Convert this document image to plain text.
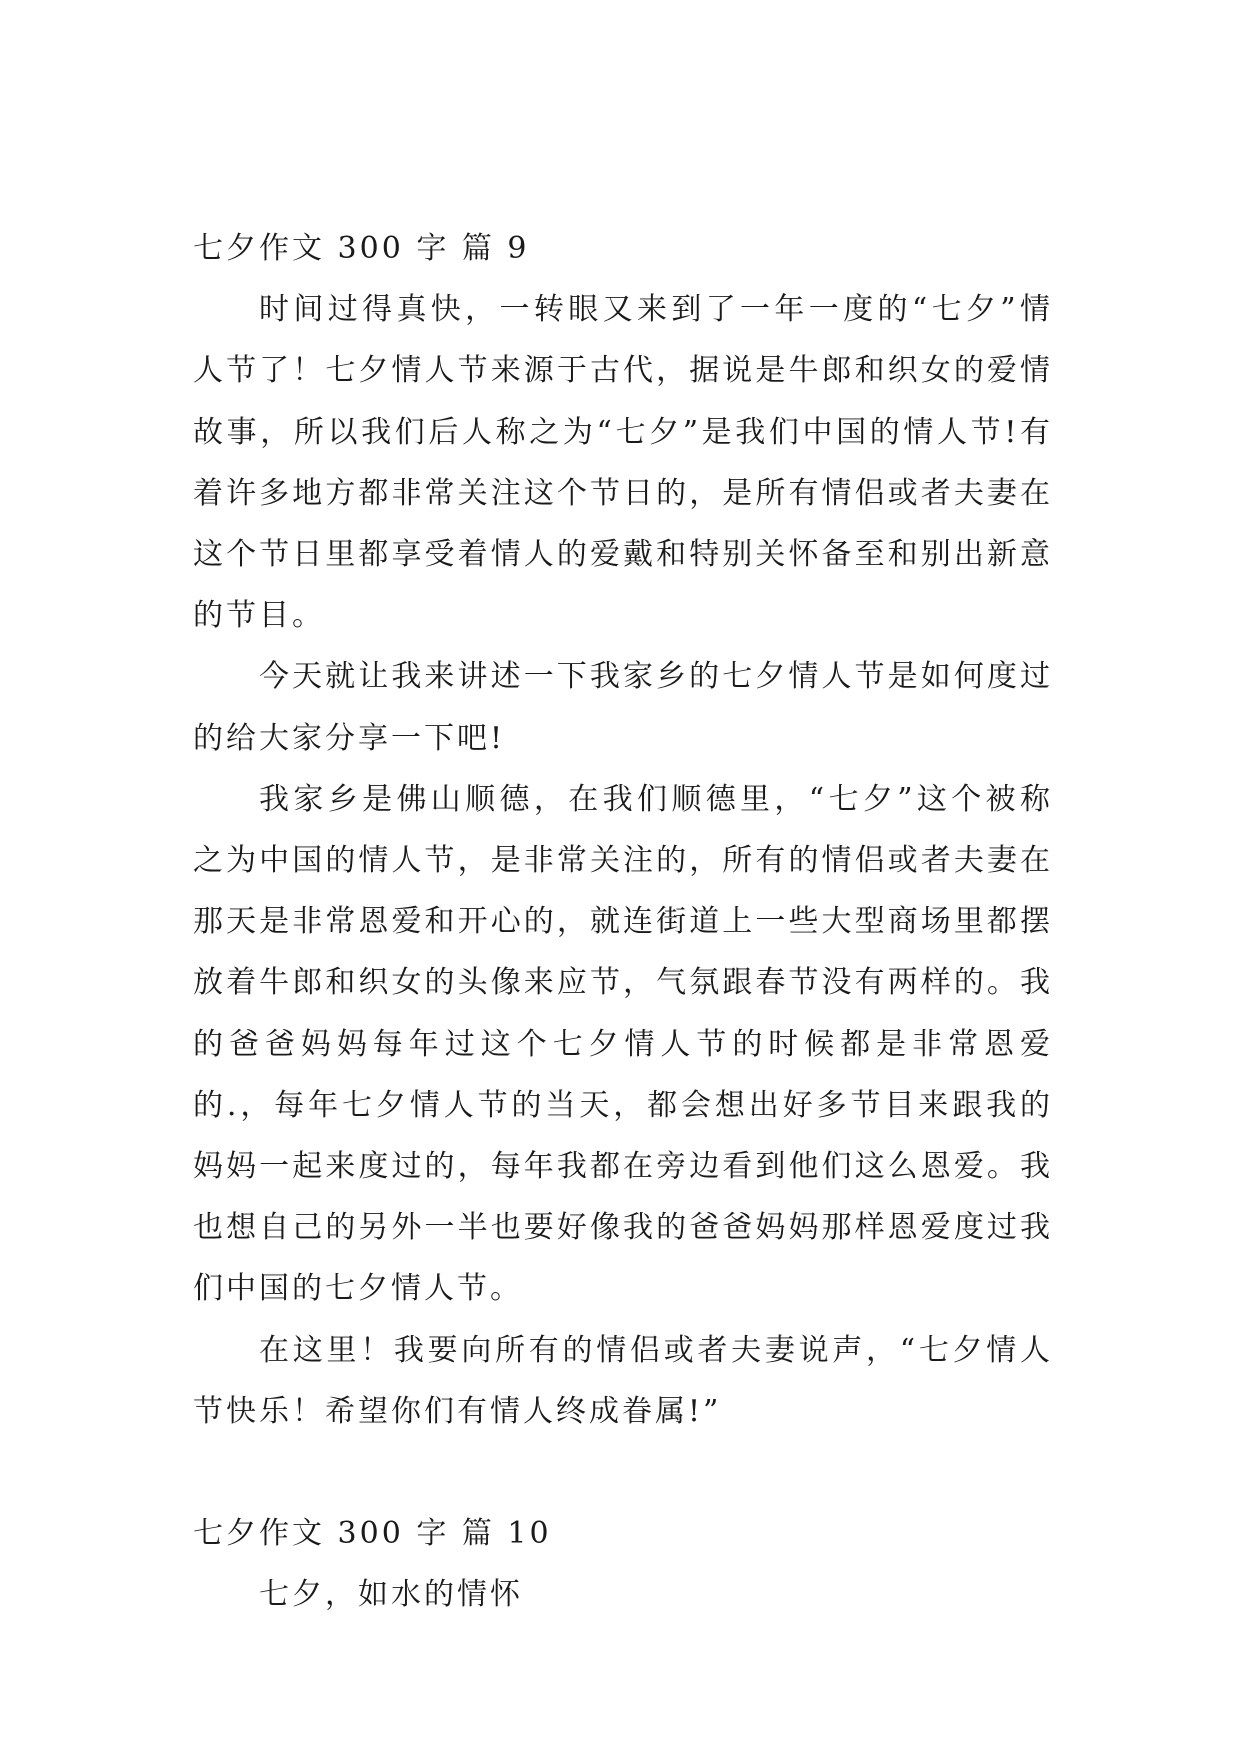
七夕作文 300 字 篇 9

时间过得真快，一转眼又来到了一年一度的“七夕”情人节了！七夕情人节来源于古代，据说是牛郎和织女的爱情故事，所以我们后人称之为“七夕”是我们中国的情人节!有着许多地方都非常关注这个节日的，是所有情侣或者夫妻在这个节日里都享受着情人的爱戴和特别关怀备至和别出新意的节目。

今天就让我来讲述一下我家乡的七夕情人节是如何度过的给大家分享一下吧!

我家乡是佛山顺德，在我们顺德里，“七夕”这个被称之为中国的情人节，是非常关注的，所有的情侣或者夫妻在那天是非常恩爱和开心的，就连街道上一些大型商场里都摆放着牛郎和织女的头像来应节，气氛跟春节没有两样的。我的爸爸妈妈每年过这个七夕情人节的时候都是非常恩爱的.，每年七夕情人节的当天，都会想出好多节目来跟我的妈妈一起来度过的，每年我都在旁边看到他们这么恩爱。我也想自己的另外一半也要好像我的爸爸妈妈那样恩爱度过我们中国的七夕情人节。

在这里！我要向所有的情侣或者夫妻说声，“七夕情人节快乐！希望你们有情人终成眷属!”

七夕作文 300 字 篇 10

七夕，如水的情怀
